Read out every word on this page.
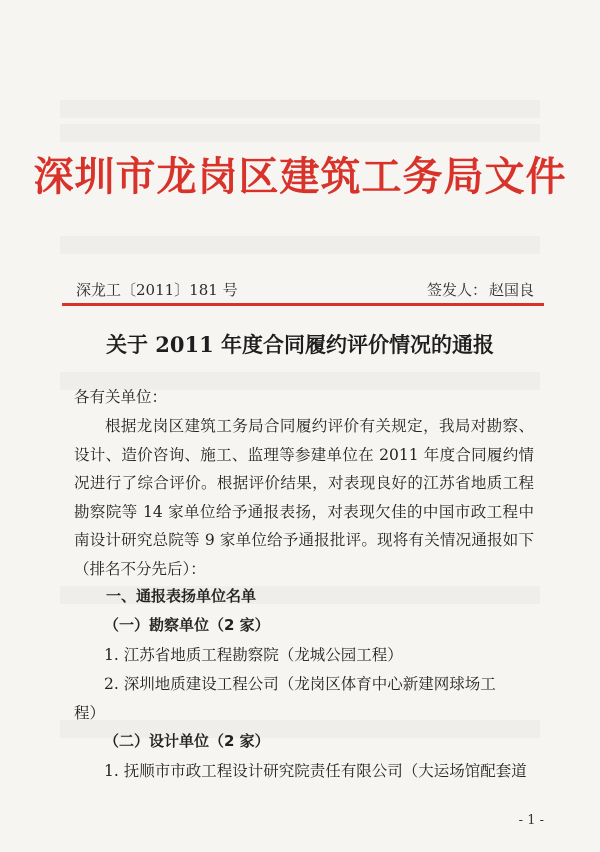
深圳市龙岗区建筑工务局文件
深龙工〔2011〕181 号	签发人： 赵国良
关于 2011 年度合同履约评价情况的通报
各有关单位：
根据龙岗区建筑工务局合同履约评价有关规定，我局对勘察、设计、造价咨询、施工、监理等参建单位在 2011 年度合同履约情况进行了综合评价。根据评价结果，对表现良好的江苏省地质工程勘察院等 14 家单位给予通报表扬，对表现欠佳的中国市政工程中南设计研究总院等 9 家单位给予通报批评。现将有关情况通报如下（排名不分先后）：
一、通报表扬单位名单
（一）勘察单位（2 家）
1. 江苏省地质工程勘察院（龙城公园工程）
2. 深圳地质建设工程公司（龙岗区体育中心新建网球场工
程）
（二）设计单位（2 家）
1. 抚顺市市政工程设计研究院责任有限公司（大运场馆配套道
- 1 -
